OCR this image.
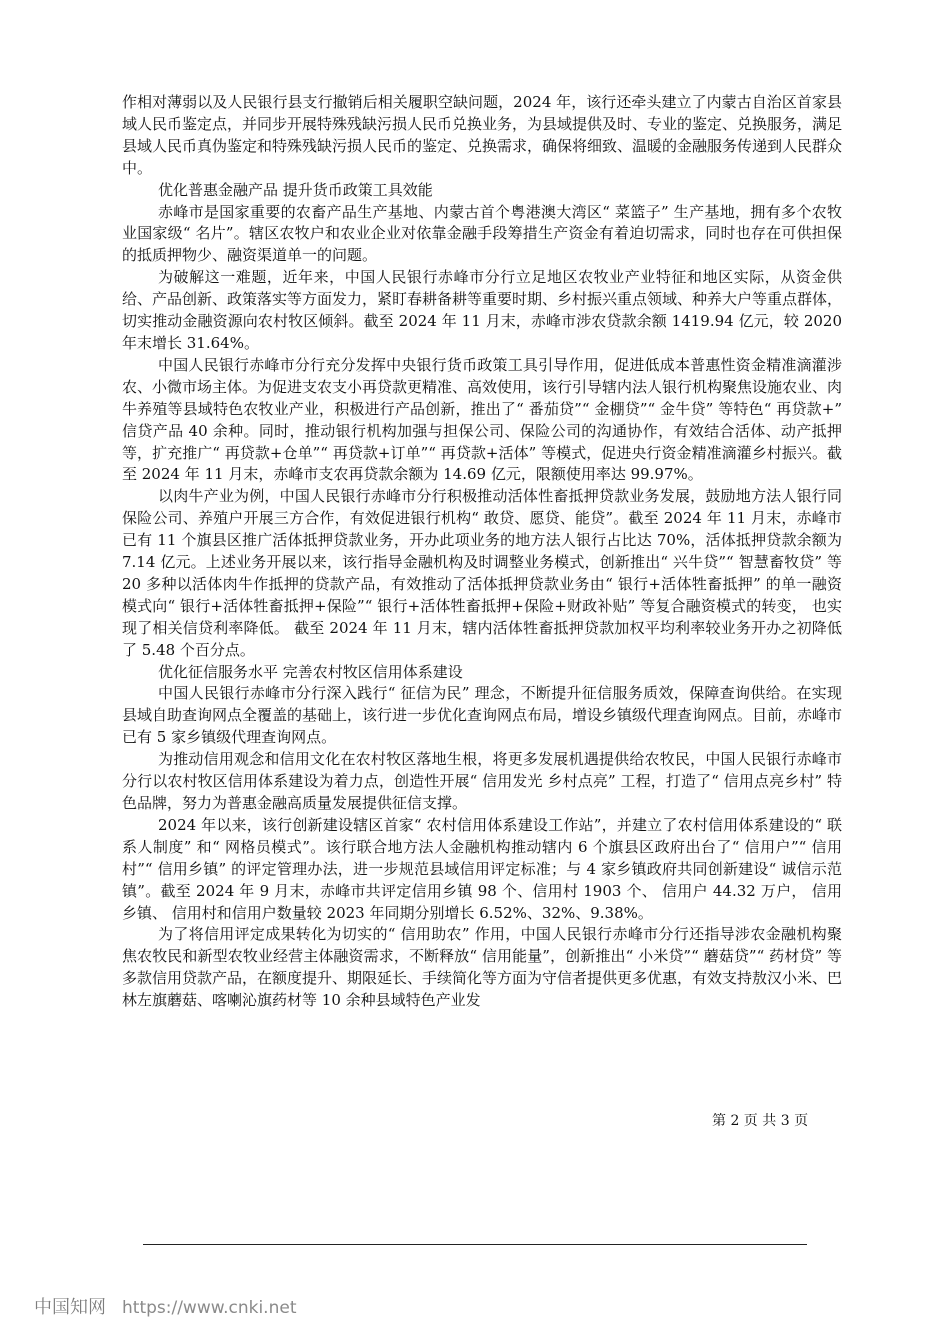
作相对薄弱以及人民银行县支行撤销后相关履职空缺问题，2024 年，该行还牵头建立了内蒙古自治区首家县域人民币鉴定点，并同步开展特殊残缺污损人民币兑换业务，为县域提供及时、专业的鉴定、兑换服务，满足县域人民币真伪鉴定和特殊残缺污损人民币的鉴定、兑换需求，确保将细致、温暖的金融服务传递到人民群众中。

优化普惠金融产品 提升货币政策工具效能

赤峰市是国家重要的农畜产品生产基地、内蒙古首个粤港澳大湾区“ 菜篮子” 生产基地，拥有多个农牧业国家级“ 名片”。辖区农牧户和农业企业对依靠金融手段筹措生产资金有着迫切需求，同时也存在可供担保的抵质押物少、融资渠道单一的问题。

为破解这一难题，近年来，中国人民银行赤峰市分行立足地区农牧业产业特征和地区实际，从资金供给、产品创新、政策落实等方面发力，紧盯春耕备耕等重要时期、乡村振兴重点领域、种养大户等重点群体，切实推动金融资源向农村牧区倾斜。截至 2024 年 11 月末，赤峰市涉农贷款余额 1419.94 亿元，较 2020 年末增长 31.64%。

中国人民银行赤峰市分行充分发挥中央银行货币政策工具引导作用，促进低成本普惠性资金精准滴灌涉农、小微市场主体。为促进支农支小再贷款更精准、高效使用，该行引导辖内法人银行机构聚焦设施农业、肉牛养殖等县域特色农牧业产业，积极进行产品创新，推出了“ 番茄贷”“ 金棚贷”“ 金牛贷” 等特色“ 再贷款+” 信贷产品 40 余种。同时，推动银行机构加强与担保公司、保险公司的沟通协作，有效结合活体、动产抵押等，扩充推广“ 再贷款+仓单”“ 再贷款+订单”“ 再贷款+活体” 等模式，促进央行资金精准滴灌乡村振兴。截至 2024 年 11 月末，赤峰市支农再贷款余额为 14.69 亿元，限额使用率达 99.97%。

以肉牛产业为例，中国人民银行赤峰市分行积极推动活体性畜抵押贷款业务发展，鼓励地方法人银行同保险公司、养殖户开展三方合作，有效促进银行机构“ 敢贷、愿贷、能贷”。截至 2024 年 11 月末，赤峰市已有 11 个旗县区推广活体抵押贷款业务，开办此项业务的地方法人银行占比达 70%，活体抵押贷款余额为 7.14 亿元。上述业务开展以来，该行指导金融机构及时调整业务模式，创新推出“ 兴牛贷”“ 智慧畜牧贷” 等 20 多种以活体肉牛作抵押的贷款产品，有效推动了活体抵押贷款业务由“ 银行+活体牲畜抵押” 的单一融资模式向“ 银行+活体牲畜抵押+保险”“ 银行+活体牲畜抵押+保险+财政补贴” 等复合融资模式的转变， 也实现了相关信贷利率降低。 截至 2024 年 11 月末，辖内活体牲畜抵押贷款加权平均利率较业务开办之初降低了 5.48 个百分点。

优化征信服务水平 完善农村牧区信用体系建设

中国人民银行赤峰市分行深入践行“ 征信为民” 理念，不断提升征信服务质效，保障查询供给。在实现县域自助查询网点全覆盖的基础上，该行进一步优化查询网点布局，增设乡镇级代理查询网点。目前，赤峰市已有 5 家乡镇级代理查询网点。

为推动信用观念和信用文化在农村牧区落地生根，将更多发展机遇提供给农牧民，中国人民银行赤峰市分行以农村牧区信用体系建设为着力点，创造性开展“ 信用发光 乡村点亮” 工程，打造了“ 信用点亮乡村” 特色品牌，努力为普惠金融高质量发展提供征信支撑。

2024 年以来，该行创新建设辖区首家“ 农村信用体系建设工作站”，并建立了农村信用体系建设的“ 联系人制度” 和“ 网格员模式”。该行联合地方法人金融机构推动辖内 6 个旗县区政府出台了“ 信用户”“ 信用村”“ 信用乡镇” 的评定管理办法，进一步规范县域信用评定标准；与 4 家乡镇政府共同创新建设“ 诚信示范镇”。截至 2024 年 9 月末，赤峰市共评定信用乡镇 98 个、信用村 1903 个、 信用户 44.32 万户， 信用乡镇、 信用村和信用户数量较 2023 年同期分别增长 6.52%、32%、9.38%。

为了将信用评定成果转化为切实的“ 信用助农” 作用，中国人民银行赤峰市分行还指导涉农金融机构聚焦农牧民和新型农牧业经营主体融资需求，不断释放“ 信用能量”，创新推出“ 小米贷”“ 蘑菇贷”“ 药材贷” 等多款信用贷款产品，在额度提升、期限延长、手续简化等方面为守信者提供更多优惠，有效支持敖汉小米、巴林左旗蘑菇、喀喇沁旗药材等 10 余种县域特色产业发

第 2 页 共 3 页
中国知网 https://www.cnki.net
